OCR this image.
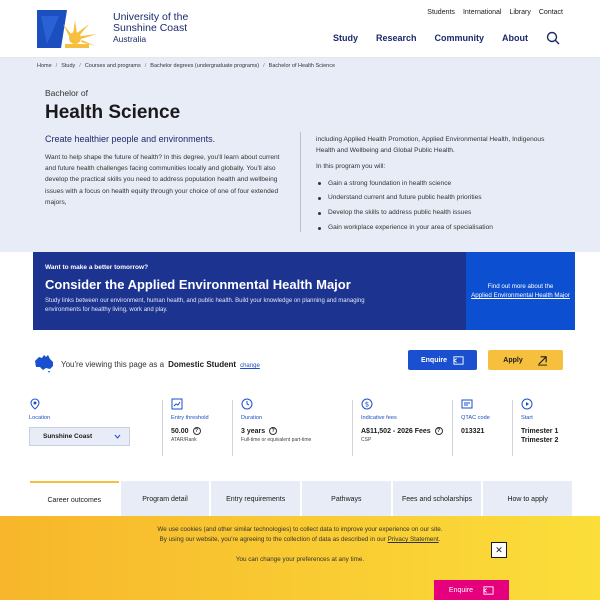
University of the
Sunshine Coast
Australia
Students International Library Contact
Study Research Community About
Home / Study / Courses and programs / Bachelor degrees (undergraduate programs) / Bachelor of Health Science
Bachelor of
Health Science
Create healthier people and environments.
Want to help shape the future of health? In this degree, you'll learn about current and future health challenges facing communities locally and globally. You'll also develop the practical skills you need to address population health and wellbeing issues with a focus on health equity through your choice of one of four extended majors,

including Applied Health Promotion, Applied Environmental Health, Indigenous Health and Wellbeing and Global Public Health.

In this program you will:

Gain a strong foundation in health science
Understand current and future public health priorities
Develop the skills to address public health issues
Gain workplace experience in your area of specialisation
Want to make a better tomorrow?
Consider the Applied Environmental Health Major
Study links between our environment, human health, and public health. Build your knowledge on planning and managing environments for healthy living, work and play.
Find out more about the
Applied Environmental Health Major
You're viewing this page as a Domestic Student change
Enquire	Apply
Location
Sunshine Coast
Entry threshold
50.00 ?
ATAR/Rank
Duration
3 years ?
Full-time or equivalent part-time
$
Indicative fees
A$11,502 - 2026 Fees ?
CSP
QTAC code
013321
Start
Trimester 1
Trimester 2
Career outcomes	Program detail	Entry requirements	Pathways	Fees and scholarships	How to apply
We use cookies (and other similar technologies) to collect data to improve your experience on our site.
By using our website, you're agreeing to the collection of data as described in our Privacy Statement.
You can change your preferences at any time.
✕
Enquire
